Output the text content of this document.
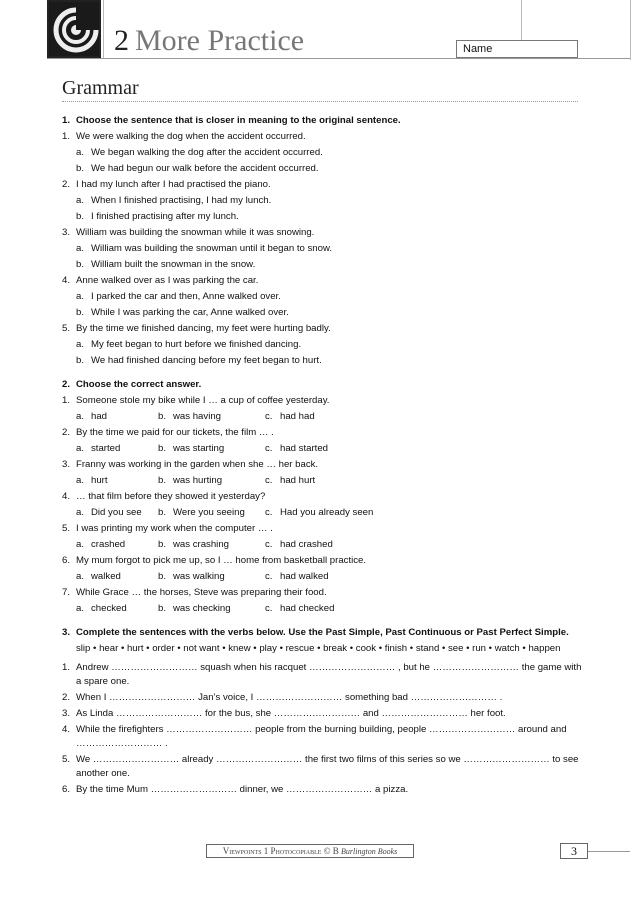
2 More Practice	Name
Grammar

1. Choose the sentence that is closer in meaning to the original sentence.

1. We were walking the dog when the accident occurred.

a. We began walking the dog after the accident occurred.

b. We had begun our walk before the accident occurred.

2. I had my lunch after I had practised the piano.

a. When I finished practising, I had my lunch.

b. I finished practising after my lunch.

3. William was building the snowman while it was snowing.

a. William was building the snowman until it began to snow.

b. William built the snowman in the snow.

4. Anne walked over as I was parking the car.

a. I parked the car and then, Anne walked over.

b. While I was parking the car, Anne walked over.

5. By the time we finished dancing, my feet were hurting badly.

a. My feet began to hurt before we finished dancing.

b. We had finished dancing before my feet began to hurt.

2. Choose the correct answer.

1. Someone stole my bike while I … a cup of coffee yesterday.

a. had	b. was having	c. had had

2. By the time we paid for our tickets, the film … .

a. started	b. was starting	c. had started

3. Franny was working in the garden when she … her back.

a. hurt	b. was hurting	c. had hurt

4. … that film before they showed it yesterday?

a. Did you see b. Were you seeing c. Had you already seen

5. I was printing my work when the computer … .

a. crashed	b. was crashing	c. had crashed

6. My mum forgot to pick me up, so I … home from basketball practice.

a. walked	b. was walking	c. had walked

7. While Grace … the horses, Steve was preparing their food.

a. checked	b. was checking	c. had checked

3. Complete the sentences with the verbs below. Use the Past Simple, Past Continuous or Past Perfect Simple.

slip • hear • hurt • order • not want • knew • play • rescue • break • cook • finish • stand • see • run • watch • happen

1. Andrew ……………………… squash when his racquet ……………………… , but he ……………………… the game with a spare one.

2. When I ……………………… Jan’s voice, I ……………………… something bad ……………………… .

3. As Linda ……………………… for the bus, she ……………………… and ……………………… her foot.

4. While the firefighters ……………………… people from the burning building, people ……………………… around and ……………………… .

5. We ……………………… already ……………………… the first two films of this series so we ……………………… to see another one.

6. By the time Mum ……………………… dinner, we ……………………… a pizza.

Viewpoints 1 Photocopiable © B Burlington Books	3
